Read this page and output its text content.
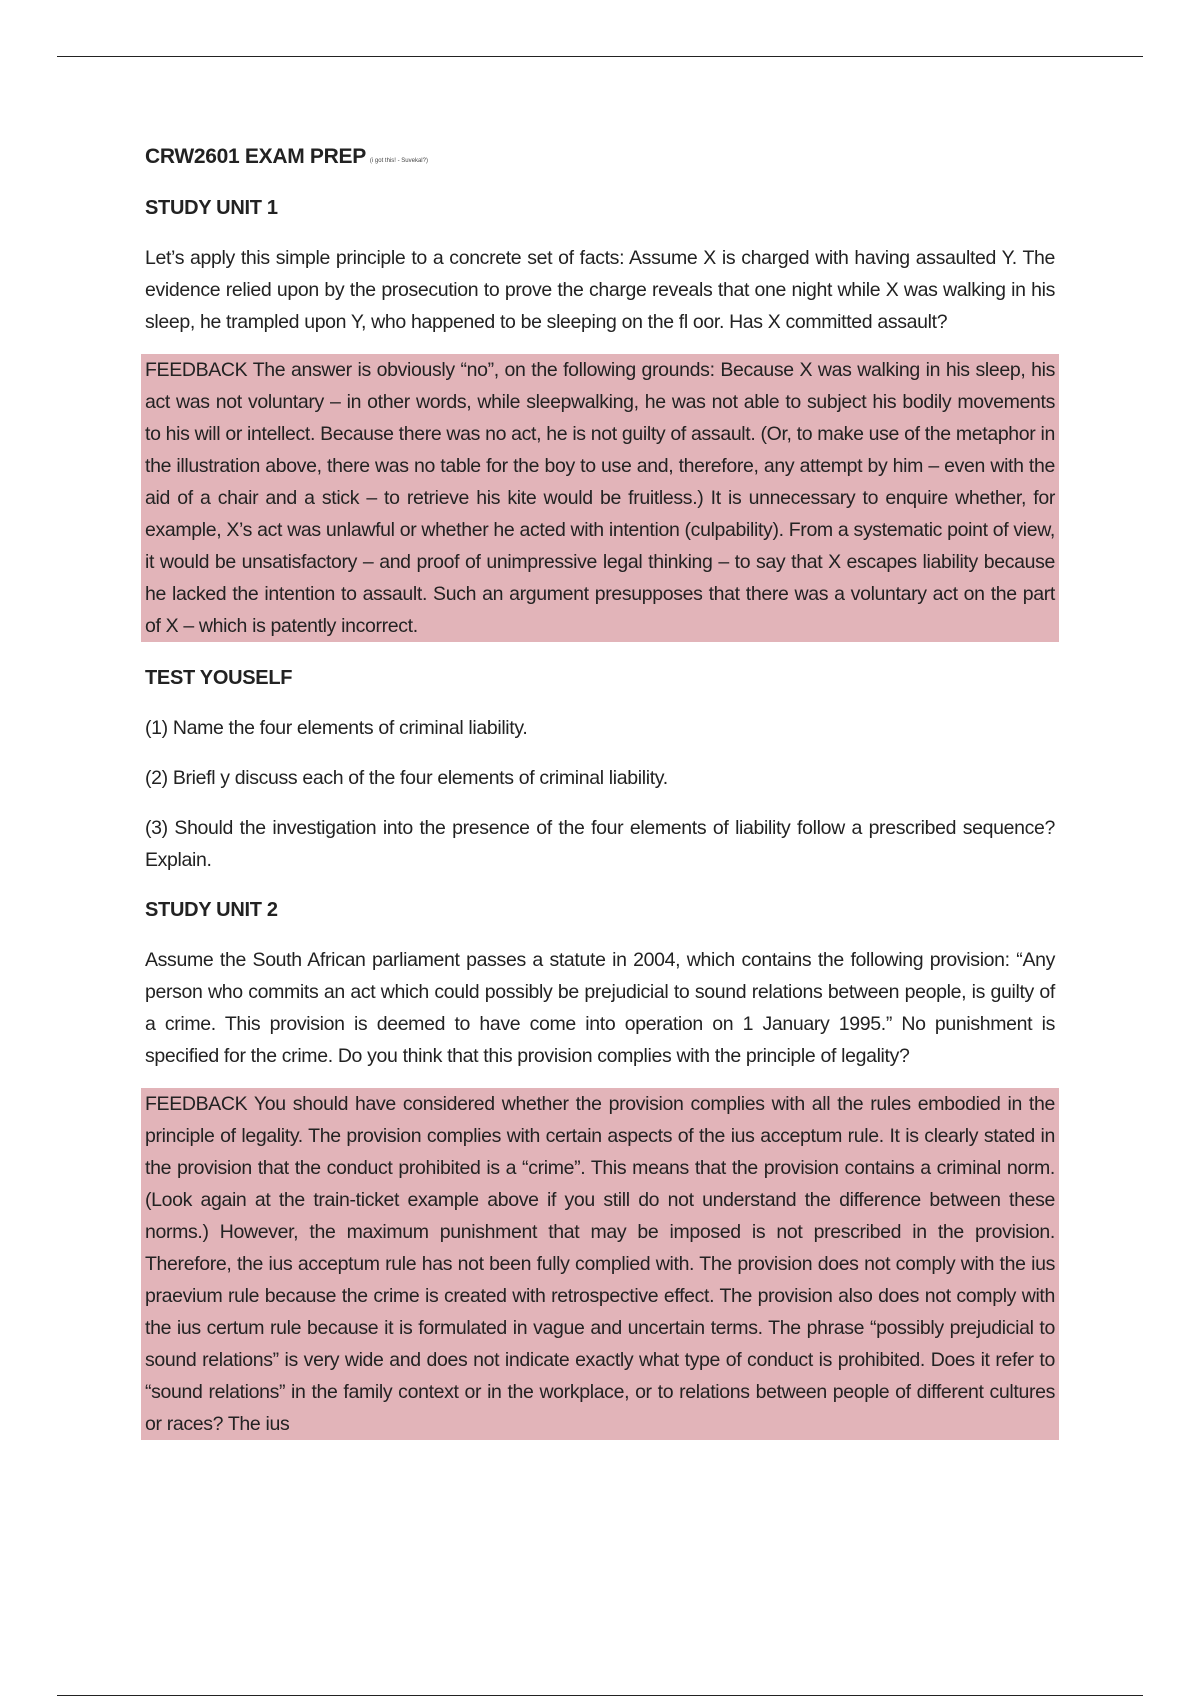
CRW2601 EXAM PREP (i got this! - Suvekal?)
STUDY UNIT 1

Let’s apply this simple principle to a concrete set of facts: Assume X is charged with having assaulted Y. The evidence relied upon by the prosecution to prove the charge reveals that one night while X was walking in his sleep, he trampled upon Y, who happened to be sleeping on the fl oor. Has X committed assault?

FEEDBACK The answer is obviously “no”, on the following grounds: Because X was walking in his sleep, his act was not voluntary – in other words, while sleepwalking, he was not able to subject his bodily movements to his will or intellect. Because there was no act, he is not guilty of assault. (Or, to make use of the metaphor in the illustration above, there was no table for the boy to use and, therefore, any attempt by him – even with the aid of a chair and a stick – to retrieve his kite would be fruitless.) It is unnecessary to enquire whether, for example, X’s act was unlawful or whether he acted with intention (culpability). From a systematic point of view, it would be unsatisfactory – and proof of unimpressive legal thinking – to say that X escapes liability because he lacked the intention to assault. Such an argument presupposes that there was a voluntary act on the part of X – which is patently incorrect.

TEST YOUSELF

(1) Name the four elements of criminal liability.

(2) Briefl y discuss each of the four elements of criminal liability.

(3) Should the investigation into the presence of the four elements of liability follow a prescribed sequence? Explain.

STUDY UNIT 2

Assume the South African parliament passes a statute in 2004, which contains the following provision: “Any person who commits an act which could possibly be prejudicial to sound relations between people, is guilty of a crime. This provision is deemed to have come into operation on 1 January 1995.” No punishment is specified for the crime. Do you think that this provision complies with the principle of legality?

FEEDBACK You should have considered whether the provision complies with all the rules embodied in the principle of legality. The provision complies with certain aspects of the ius acceptum rule. It is clearly stated in the provision that the conduct prohibited is a “crime”. This means that the provision contains a criminal norm. (Look again at the train-ticket example above if you still do not understand the difference between these norms.) However, the maximum punishment that may be imposed is not prescribed in the provision. Therefore, the ius acceptum rule has not been fully complied with. The provision does not comply with the ius praevium rule because the crime is created with retrospective effect. The provision also does not comply with the ius certum rule because it is formulated in vague and uncertain terms. The phrase “possibly prejudicial to sound relations” is very wide and does not indicate exactly what type of conduct is prohibited. Does it refer to “sound relations” in the family context or in the workplace, or to relations between people of different cultures or races? The ius
